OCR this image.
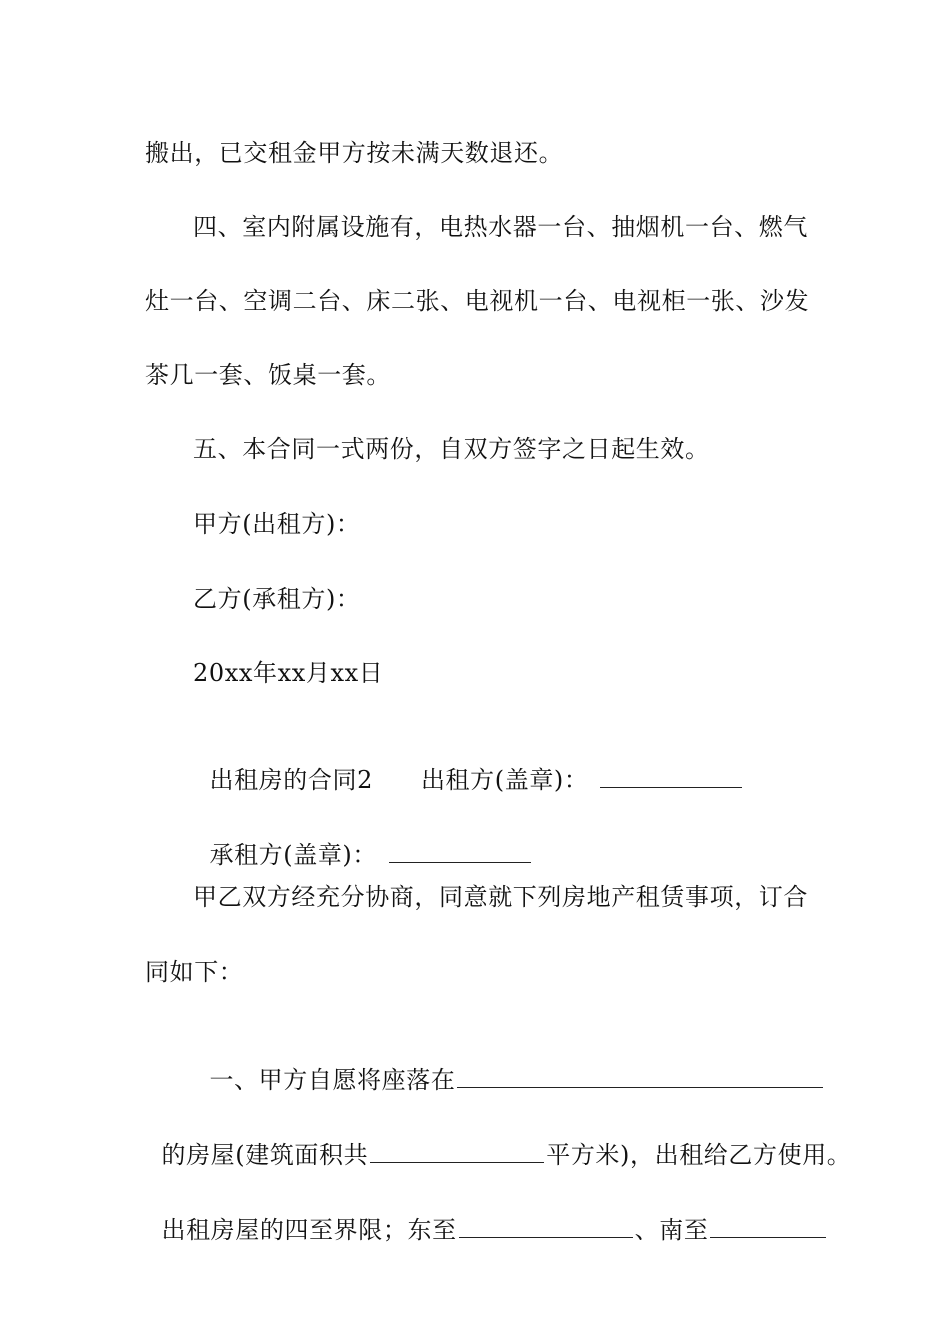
搬出，已交租金甲方按未满天数退还。
四、室内附属设施有，电热水器一台、抽烟机一台、燃气
灶一台、空调二台、床二张、电视机一台、电视柜一张、沙发
茶几一套、饭桌一套。
五、本合同一式两份，自双方签字之日起生效。
甲方(出租方)：
乙方(承租方)：
20xx年xx月xx日

出租房的合同2 出租方(盖章)：

承租方(盖章)：

甲乙双方经充分协商，同意就下列房地产租赁事项，订合
同如下：

一、甲方自愿将座落在

的房屋(建筑面积共	平方米)，出租给乙方使用。

出租房屋的四至界限；东至	、南至
